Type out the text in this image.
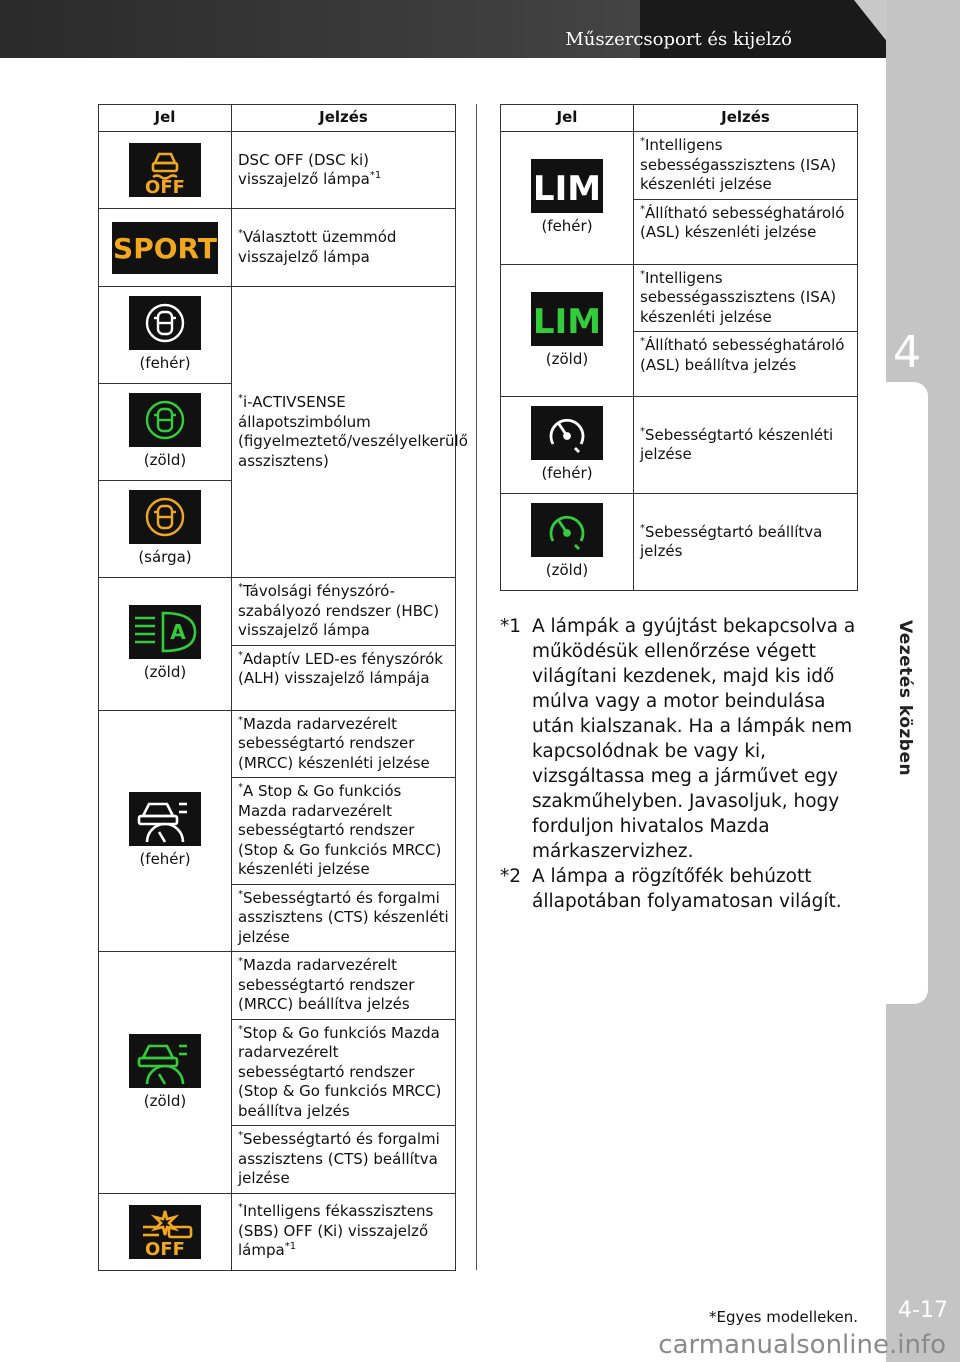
Műszercsoport és kijelző
4
Vezetés közben
4-17
Jel	Jelzés

OFF	DSC OFF (DSC ki) visszajelző lámpa$^{*1}$

SPORT	*Választott üzemmód visszajelző lámpa

(fehér)	*i-ACTIVSENSE állapotszimbólum (figyelmeztető/veszélyelkerülő asszisztens)

(zöld)	

(sárga)	

A
(zöld)	*Távolsági fényszóró-szabályozó rendszer (HBC) visszajelző lámpa
	*Adaptív LED-es fényszórók (ALH) visszajelző lámpája

(fehér)	*Mazda radarvezérelt sebességtartó rendszer (MRCC) készenléti jelzése
	*A Stop & Go funkciós Mazda radarvezérelt sebességtartó rendszer (Stop & Go funkciós MRCC) készenléti jelzése
	*Sebességtartó és forgalmi asszisztens (CTS) készenléti jelzése

(zöld)	*Mazda radarvezérelt sebességtartó rendszer (MRCC) beállítva jelzés
	*Stop & Go funkciós Mazda radarvezérelt sebességtartó rendszer (Stop & Go funkciós MRCC) beállítva jelzés
	*Sebességtartó és forgalmi asszisztens (CTS) beállítva jelzése

OFF	*Intelligens fékasszisztens (SBS) OFF (Ki) visszajelző lámpa$^{*1}$
Jel	Jelzés

LIM
(fehér)	*Intelligens sebességasszisztens (ISA) készenléti jelzése
	*Állítható sebességhatároló (ASL) készenléti jelzése

LIM
(zöld)	*Intelligens sebességasszisztens (ISA) készenléti jelzése
	*Állítható sebességhatároló (ASL) beállítva jelzés

(fehér)	*Sebességtartó készenléti jelzése

(zöld)	*Sebességtartó beállítva jelzés
*1 A lámpák a gyújtást bekapcsolva a működésük ellenőrzése végett világítani kezdenek, majd kis idő múlva vagy a motor beindulása után kialszanak. Ha a lámpák nem kapcsolódnak be vagy ki, vizsgáltassa meg a járművet egy szakműhelyben. Javasoljuk, hogy forduljon hivatalos Mazda márkaszervizhez.
*2 A lámpa a rögzítőfék behúzott állapotában folyamatosan világít.
*Egyes modelleken.
carmanualsonline.info
